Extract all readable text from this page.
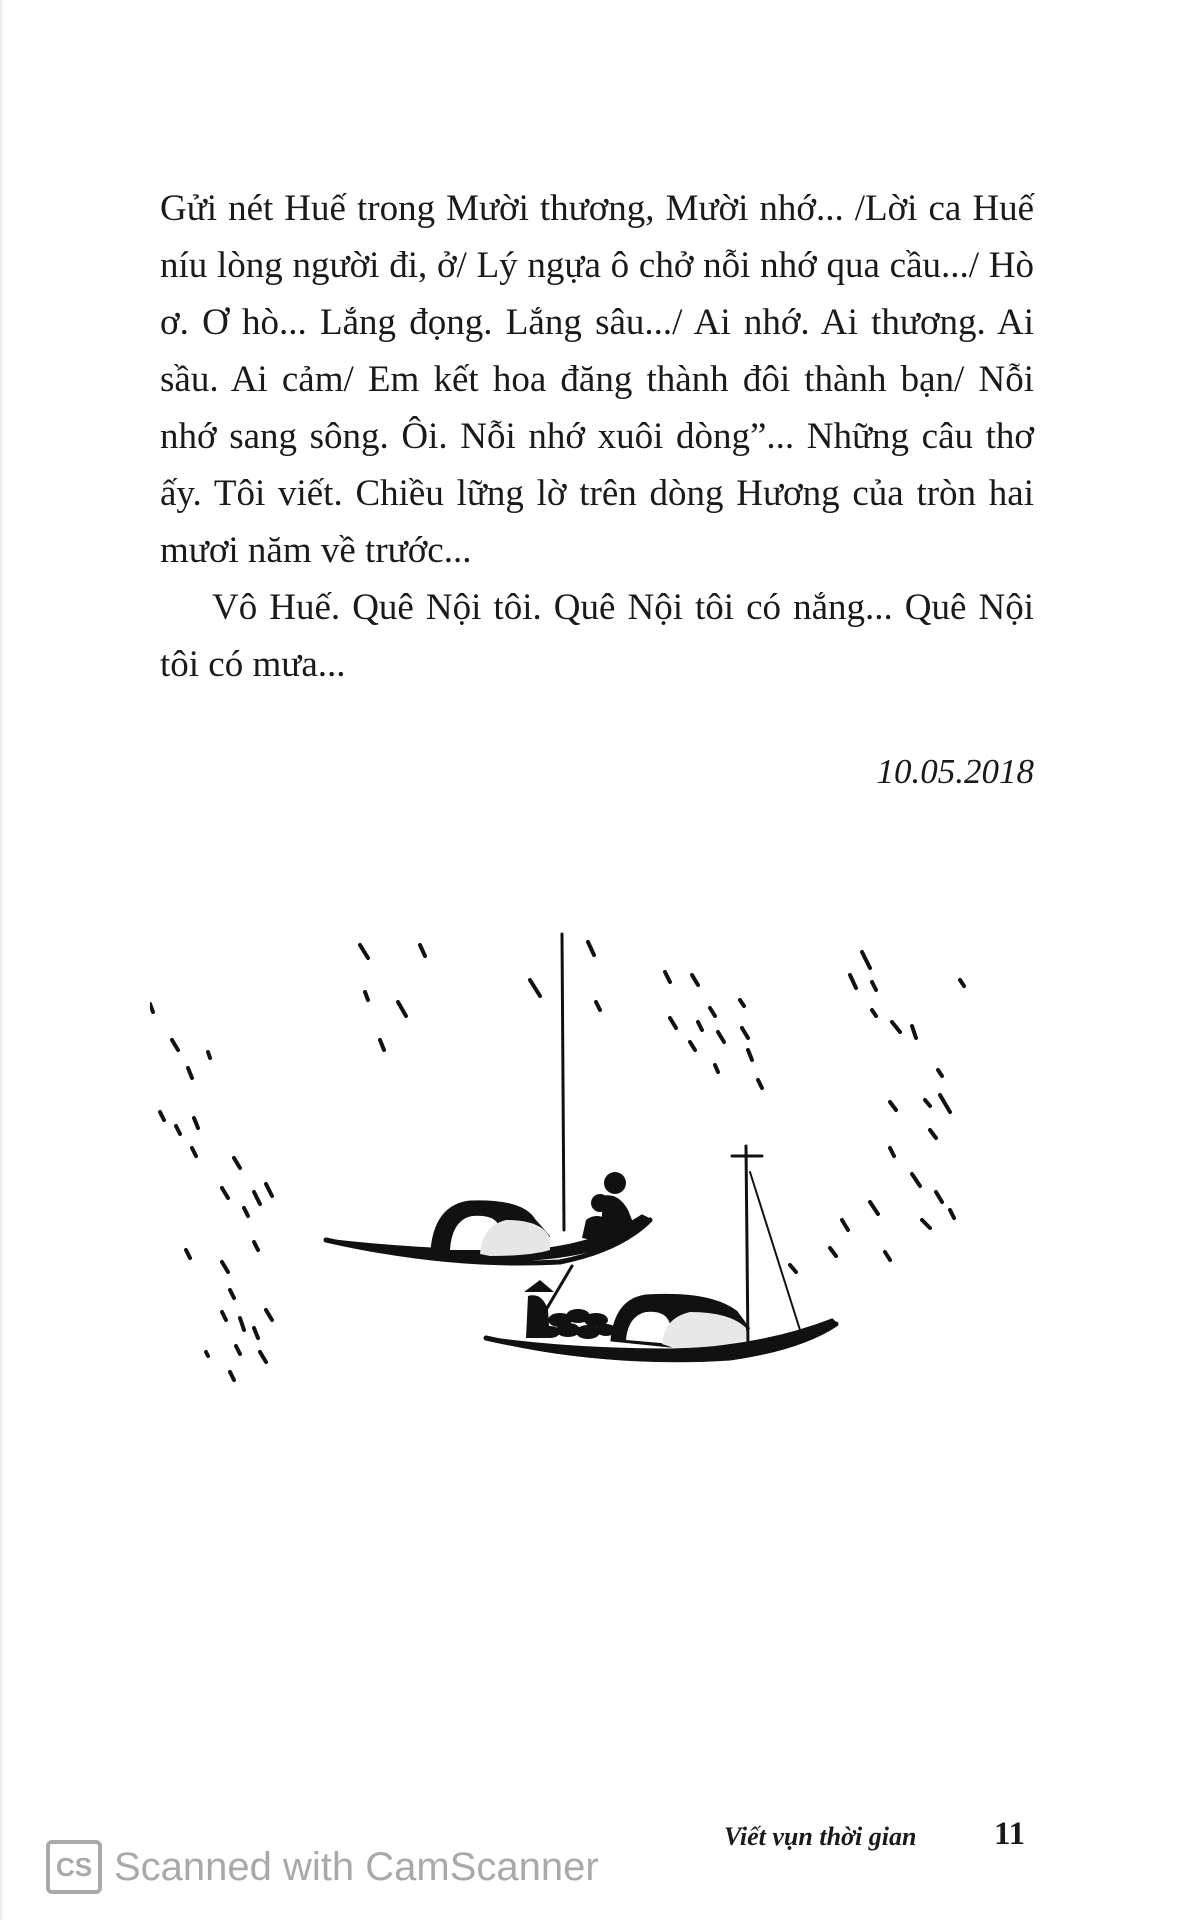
Gửi nét Huế trong Mười thương, Mười nhớ... /Lời ca Huế níu lòng người đi, ở/ Lý ngựa ô chở nỗi nhớ qua cầu.../ Hò ơ. Ơ hò... Lắng đọng. Lắng sâu.../ Ai nhớ. Ai thương. Ai sầu. Ai cảm/ Em kết hoa đăng thành đôi thành bạn/ Nỗi nhớ sang sông. Ôi. Nỗi nhớ xuôi dòng”... Những câu thơ ấy. Tôi viết. Chiều lững lờ trên dòng Hương của tròn hai mươi năm về trước...

Vô Huế. Quê Nội tôi. Quê Nội tôi có nắng... Quê Nội tôi có mưa...

10.05.2018
Viết vụn thời gian 11
CS Scanned with CamScanner
